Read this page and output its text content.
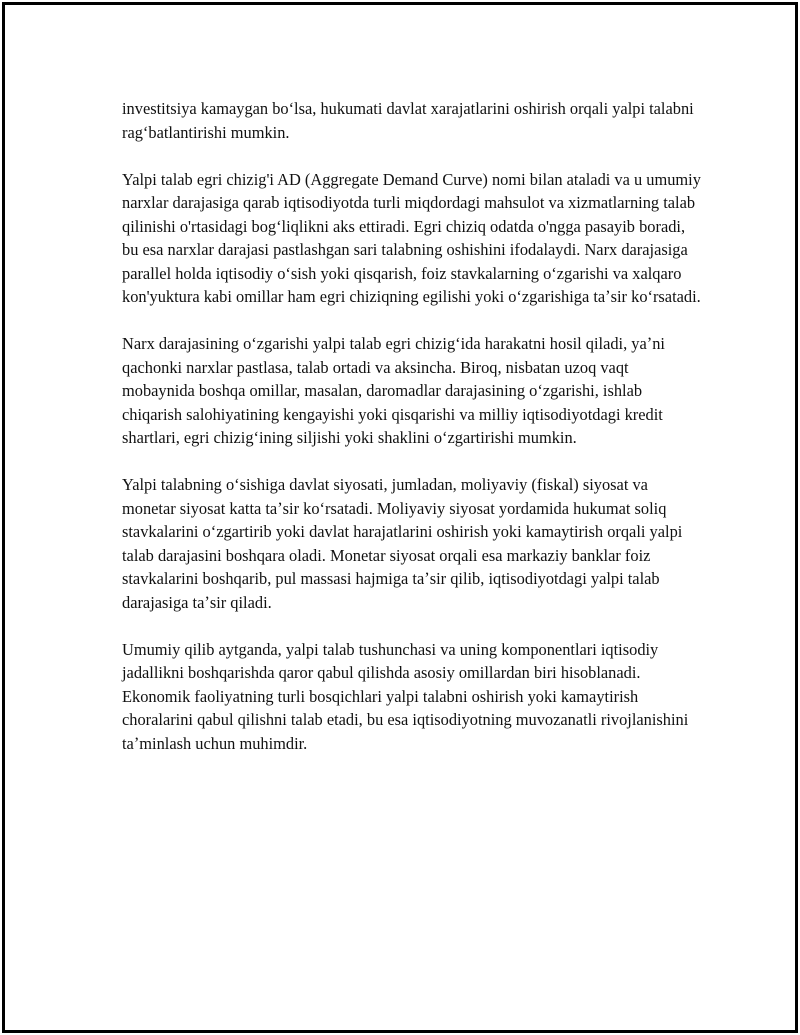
investitsiya kamaygan boʻlsa, hukumati davlat xarajatlarini oshirish orqali yalpi talabni ragʻbatlantirishi mumkin.

Yalpi talab egri chizig'i AD (Aggregate Demand Curve) nomi bilan ataladi va u umumiy narxlar darajasiga qarab iqtisodiyotda turli miqdordagi mahsulot va xizmatlarning talab qilinishi o'rtasidagi bogʻliqlikni aks ettiradi. Egri chiziq odatda o'ngga pasayib boradi, bu esa narxlar darajasi pastlashgan sari talabning oshishini ifodalaydi. Narx darajasiga parallel holda iqtisodiy oʻsish yoki qisqarish, foiz stavkalarning oʻzgarishi va xalqaro kon'yuktura kabi omillar ham egri chiziqning egilishi yoki oʻzgarishiga taʼsir koʻrsatadi.

Narx darajasining oʻzgarishi yalpi talab egri chizigʻida harakatni hosil qiladi, yaʼni qachonki narxlar pastlasa, talab ortadi va aksincha. Biroq, nisbatan uzoq vaqt mobaynida boshqa omillar, masalan, daromadlar darajasining oʻzgarishi, ishlab chiqarish salohiyatining kengayishi yoki qisqarishi va milliy iqtisodiyotdagi kredit shartlari, egri chizigʻining siljishi yoki shaklini oʻzgartirishi mumkin.

Yalpi talabning oʻsishiga davlat siyosati, jumladan, moliyaviy (fiskal) siyosat va monetar siyosat katta taʼsir koʻrsatadi. Moliyaviy siyosat yordamida hukumat soliq stavkalarini oʻzgartirib yoki davlat harajatlarini oshirish yoki kamaytirish orqali yalpi talab darajasini boshqara oladi. Monetar siyosat orqali esa markaziy banklar foiz stavkalarini boshqarib, pul massasi hajmiga taʼsir qilib, iqtisodiyotdagi yalpi talab darajasiga taʼsir qiladi.

Umumiy qilib aytganda, yalpi talab tushunchasi va uning komponentlari iqtisodiy jadallikni boshqarishda qaror qabul qilishda asosiy omillardan biri hisoblanadi. Ekonomik faoliyatning turli bosqichlari yalpi talabni oshirish yoki kamaytirish choralarini qabul qilishni talab etadi, bu esa iqtisodiyotning muvozanatli rivojlanishini taʼminlash uchun muhimdir.
